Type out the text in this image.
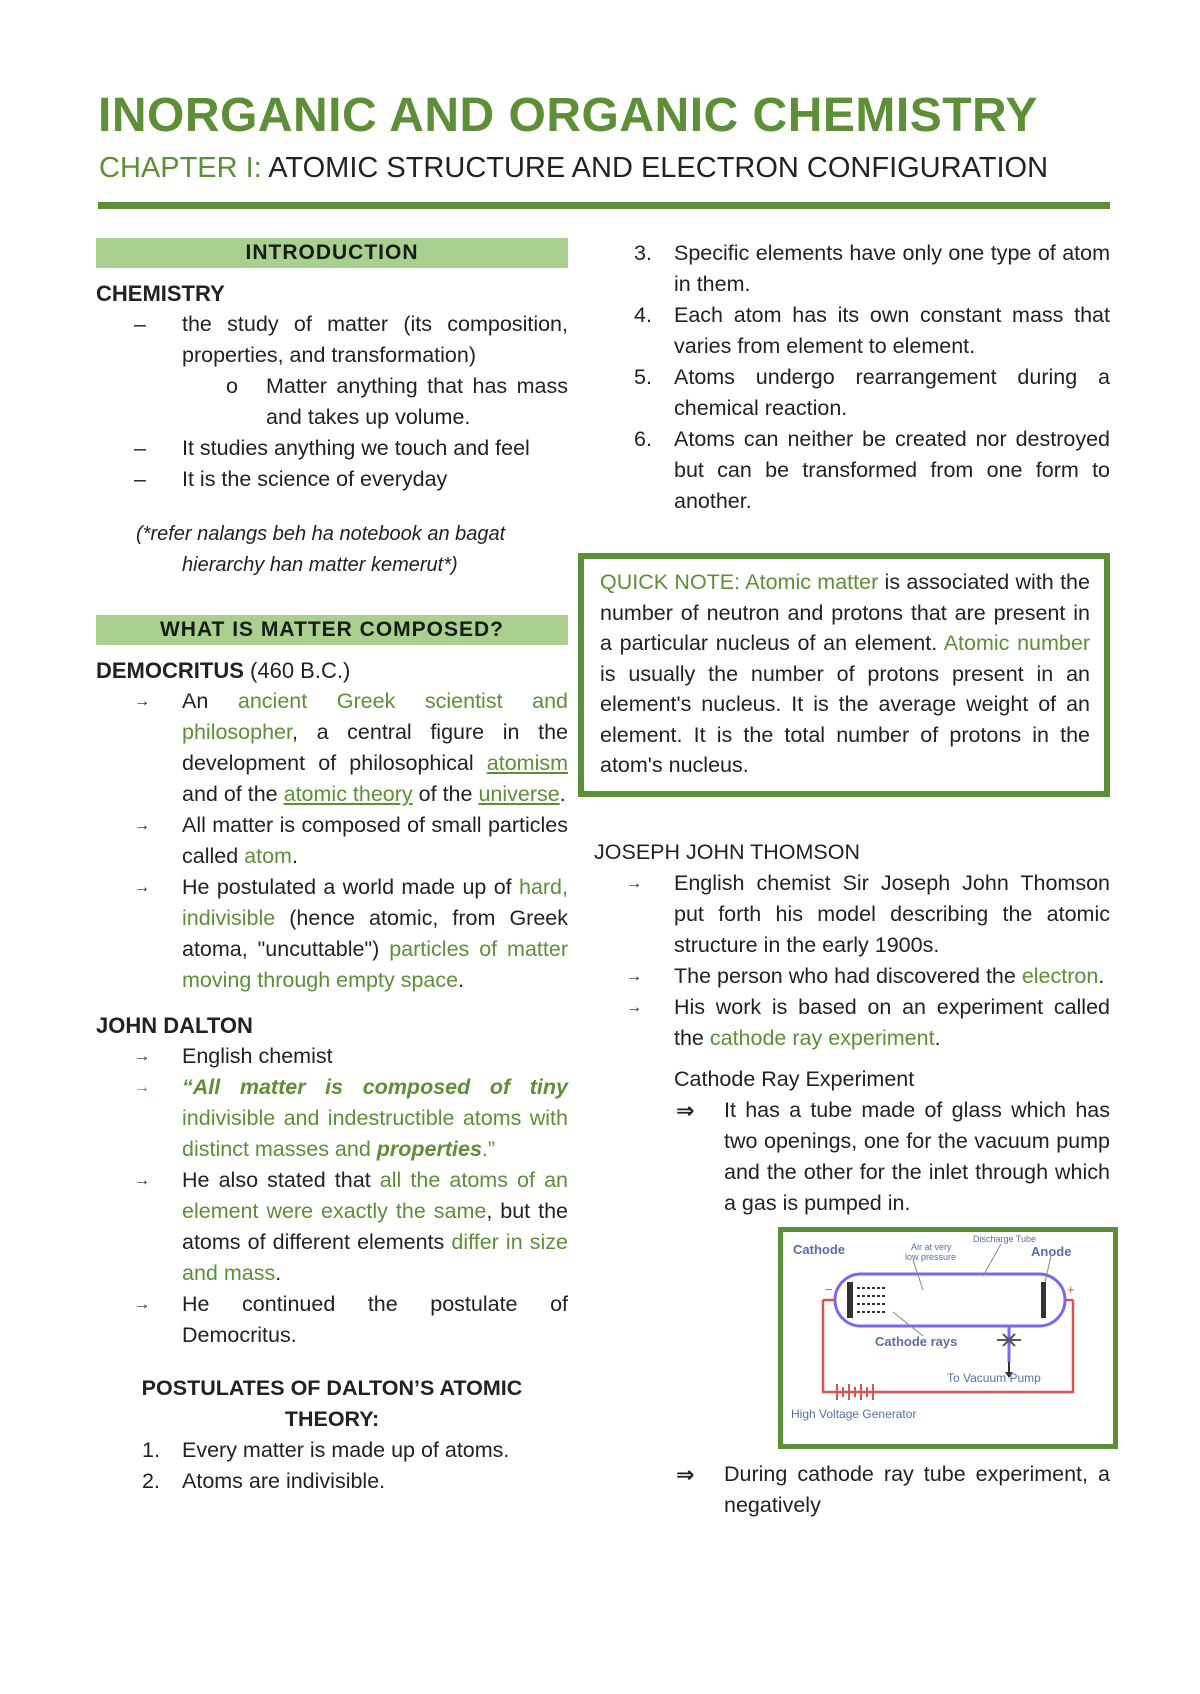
INORGANIC AND ORGANIC CHEMISTRY

CHAPTER I: ATOMIC STRUCTURE AND ELECTRON CONFIGURATION

INTRODUCTION
CHEMISTRY
– the study of matter (its composition, properties, and transformation)
o Matter anything that has mass and takes up volume.
– It studies anything we touch and feel
– It is the science of everyday
(*refer nalangs beh ha notebook an bagat
hierarchy han matter kemerut*)
WHAT IS MATTER COMPOSED?
DEMOCRITUS (460 B.C.)
→ An ancient Greek scientist and philosopher, a central figure in the development of philosophical atomism and of the atomic theory of the universe.
→ All matter is composed of small particles called atom.
→ He postulated a world made up of hard, indivisible (hence atomic, from Greek atoma, "uncuttable") particles of matter moving through empty space.
JOHN DALTON
→ English chemist
→ “All matter is composed of tiny indivisible and indestructible atoms with distinct masses and properties.”
→ He also stated that all the atoms of an element were exactly the same, but the atoms of different elements differ in size and mass.
→ He continued the postulate of Democritus.
POSTULATES OF DALTON’S ATOMIC
THEORY:
1. Every matter is made up of atoms.
2. Atoms are indivisible.
3. Specific elements have only one type of atom in them.
4. Each atom has its own constant mass that varies from element to element.
5. Atoms undergo rearrangement during a chemical reaction.
6. Atoms can neither be created nor destroyed but can be transformed from one form to another.
QUICK NOTE: Atomic matter is associated with the number of neutron and protons that are present in a particular nucleus of an element. Atomic number is usually the number of protons present in an element's nucleus. It is the average weight of an element. It is the total number of protons in the atom's nucleus.
JOSEPH JOHN THOMSON
→ English chemist Sir Joseph John Thomson put forth his model describing the atomic structure in the early 1900s.
→ The person who had discovered the electron.
→ His work is based on an experiment called the cathode ray experiment.
Cathode Ray Experiment
⇒ It has a tube made of glass which has two openings, one for the vacuum pump and the other for the inlet through which a gas is pumped in.
Cathode	Air at very
low pressure
Discharge Tube
Anode
−	+
Cathode rays
To Vacuum Pump
High Voltage Generator
⇒ During cathode ray tube experiment, a negatively
